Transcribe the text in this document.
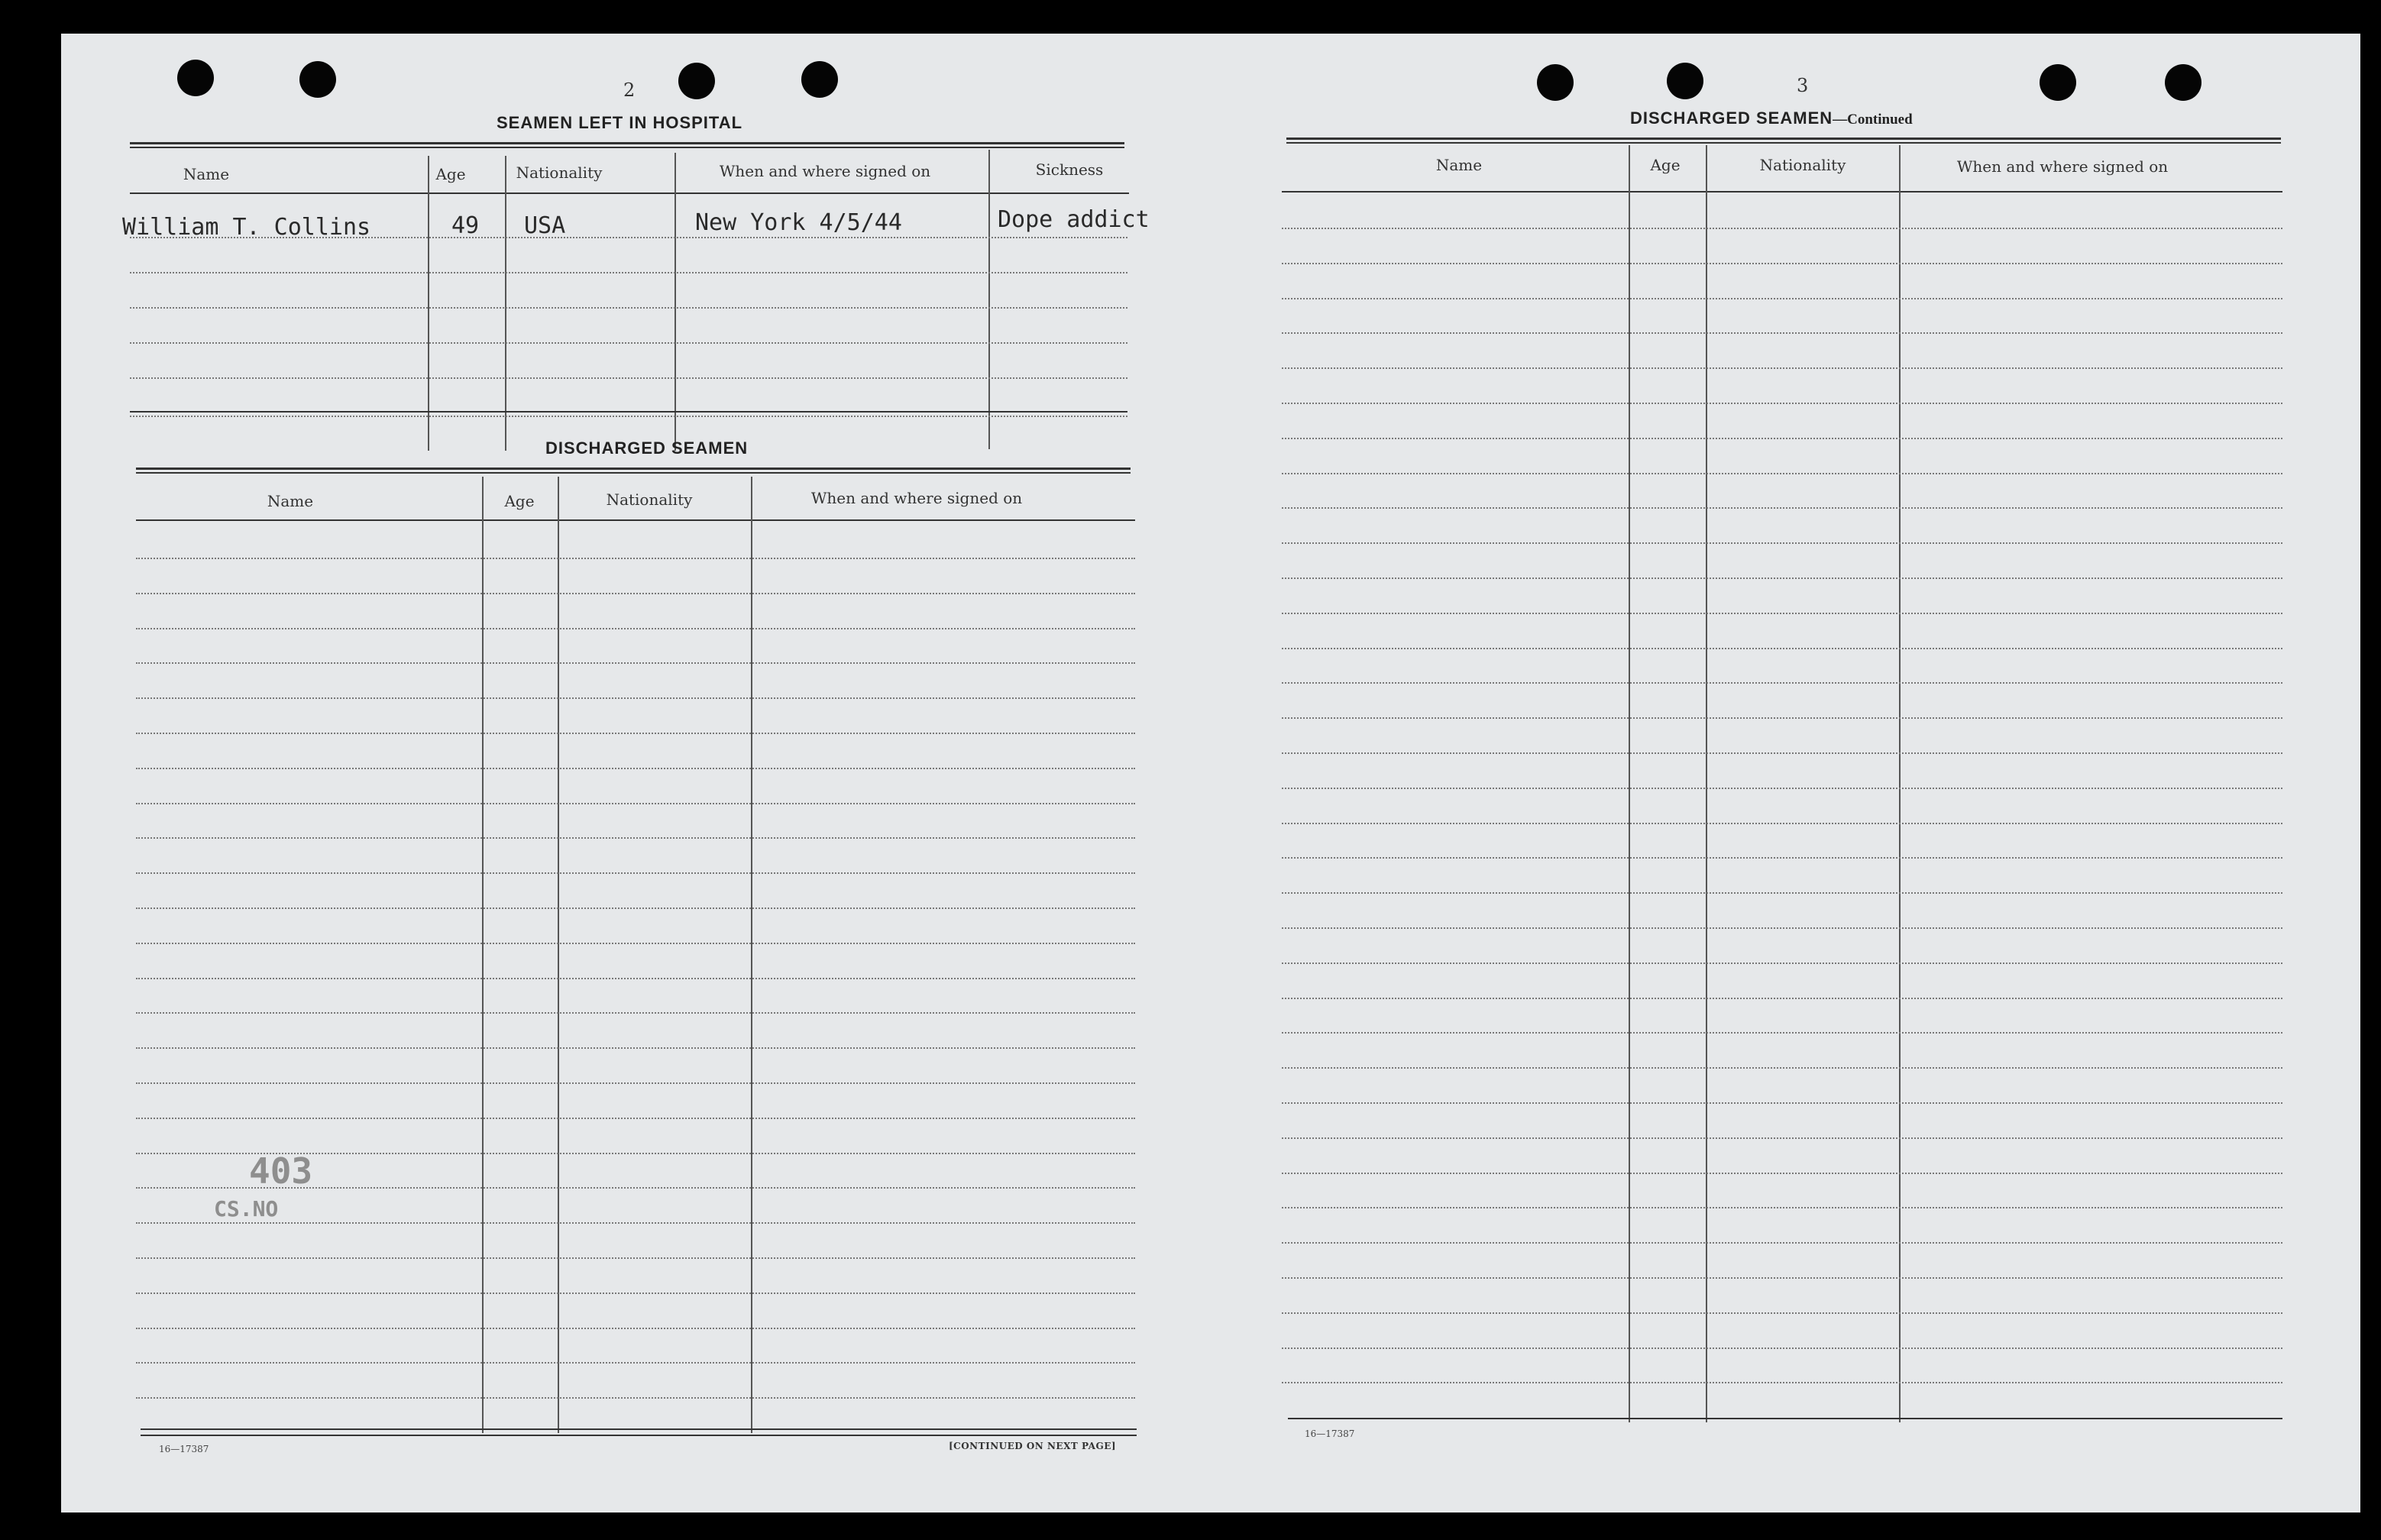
2
SEAMEN LEFT IN HOSPITAL
Name	Age	Nationality	When and where signed on	Sickness
William T. Collins	49 USA	New York 4/5/44	Dope addict
DISCHARGED SEAMEN
Name	Age	Nationality	When and where signed on
16—17387	[CONTINUED ON NEXT PAGE]
403
CS.NO
3
DISCHARGED SEAMEN—Continued
Name	Age	Nationality	When and where signed on
16—17387
